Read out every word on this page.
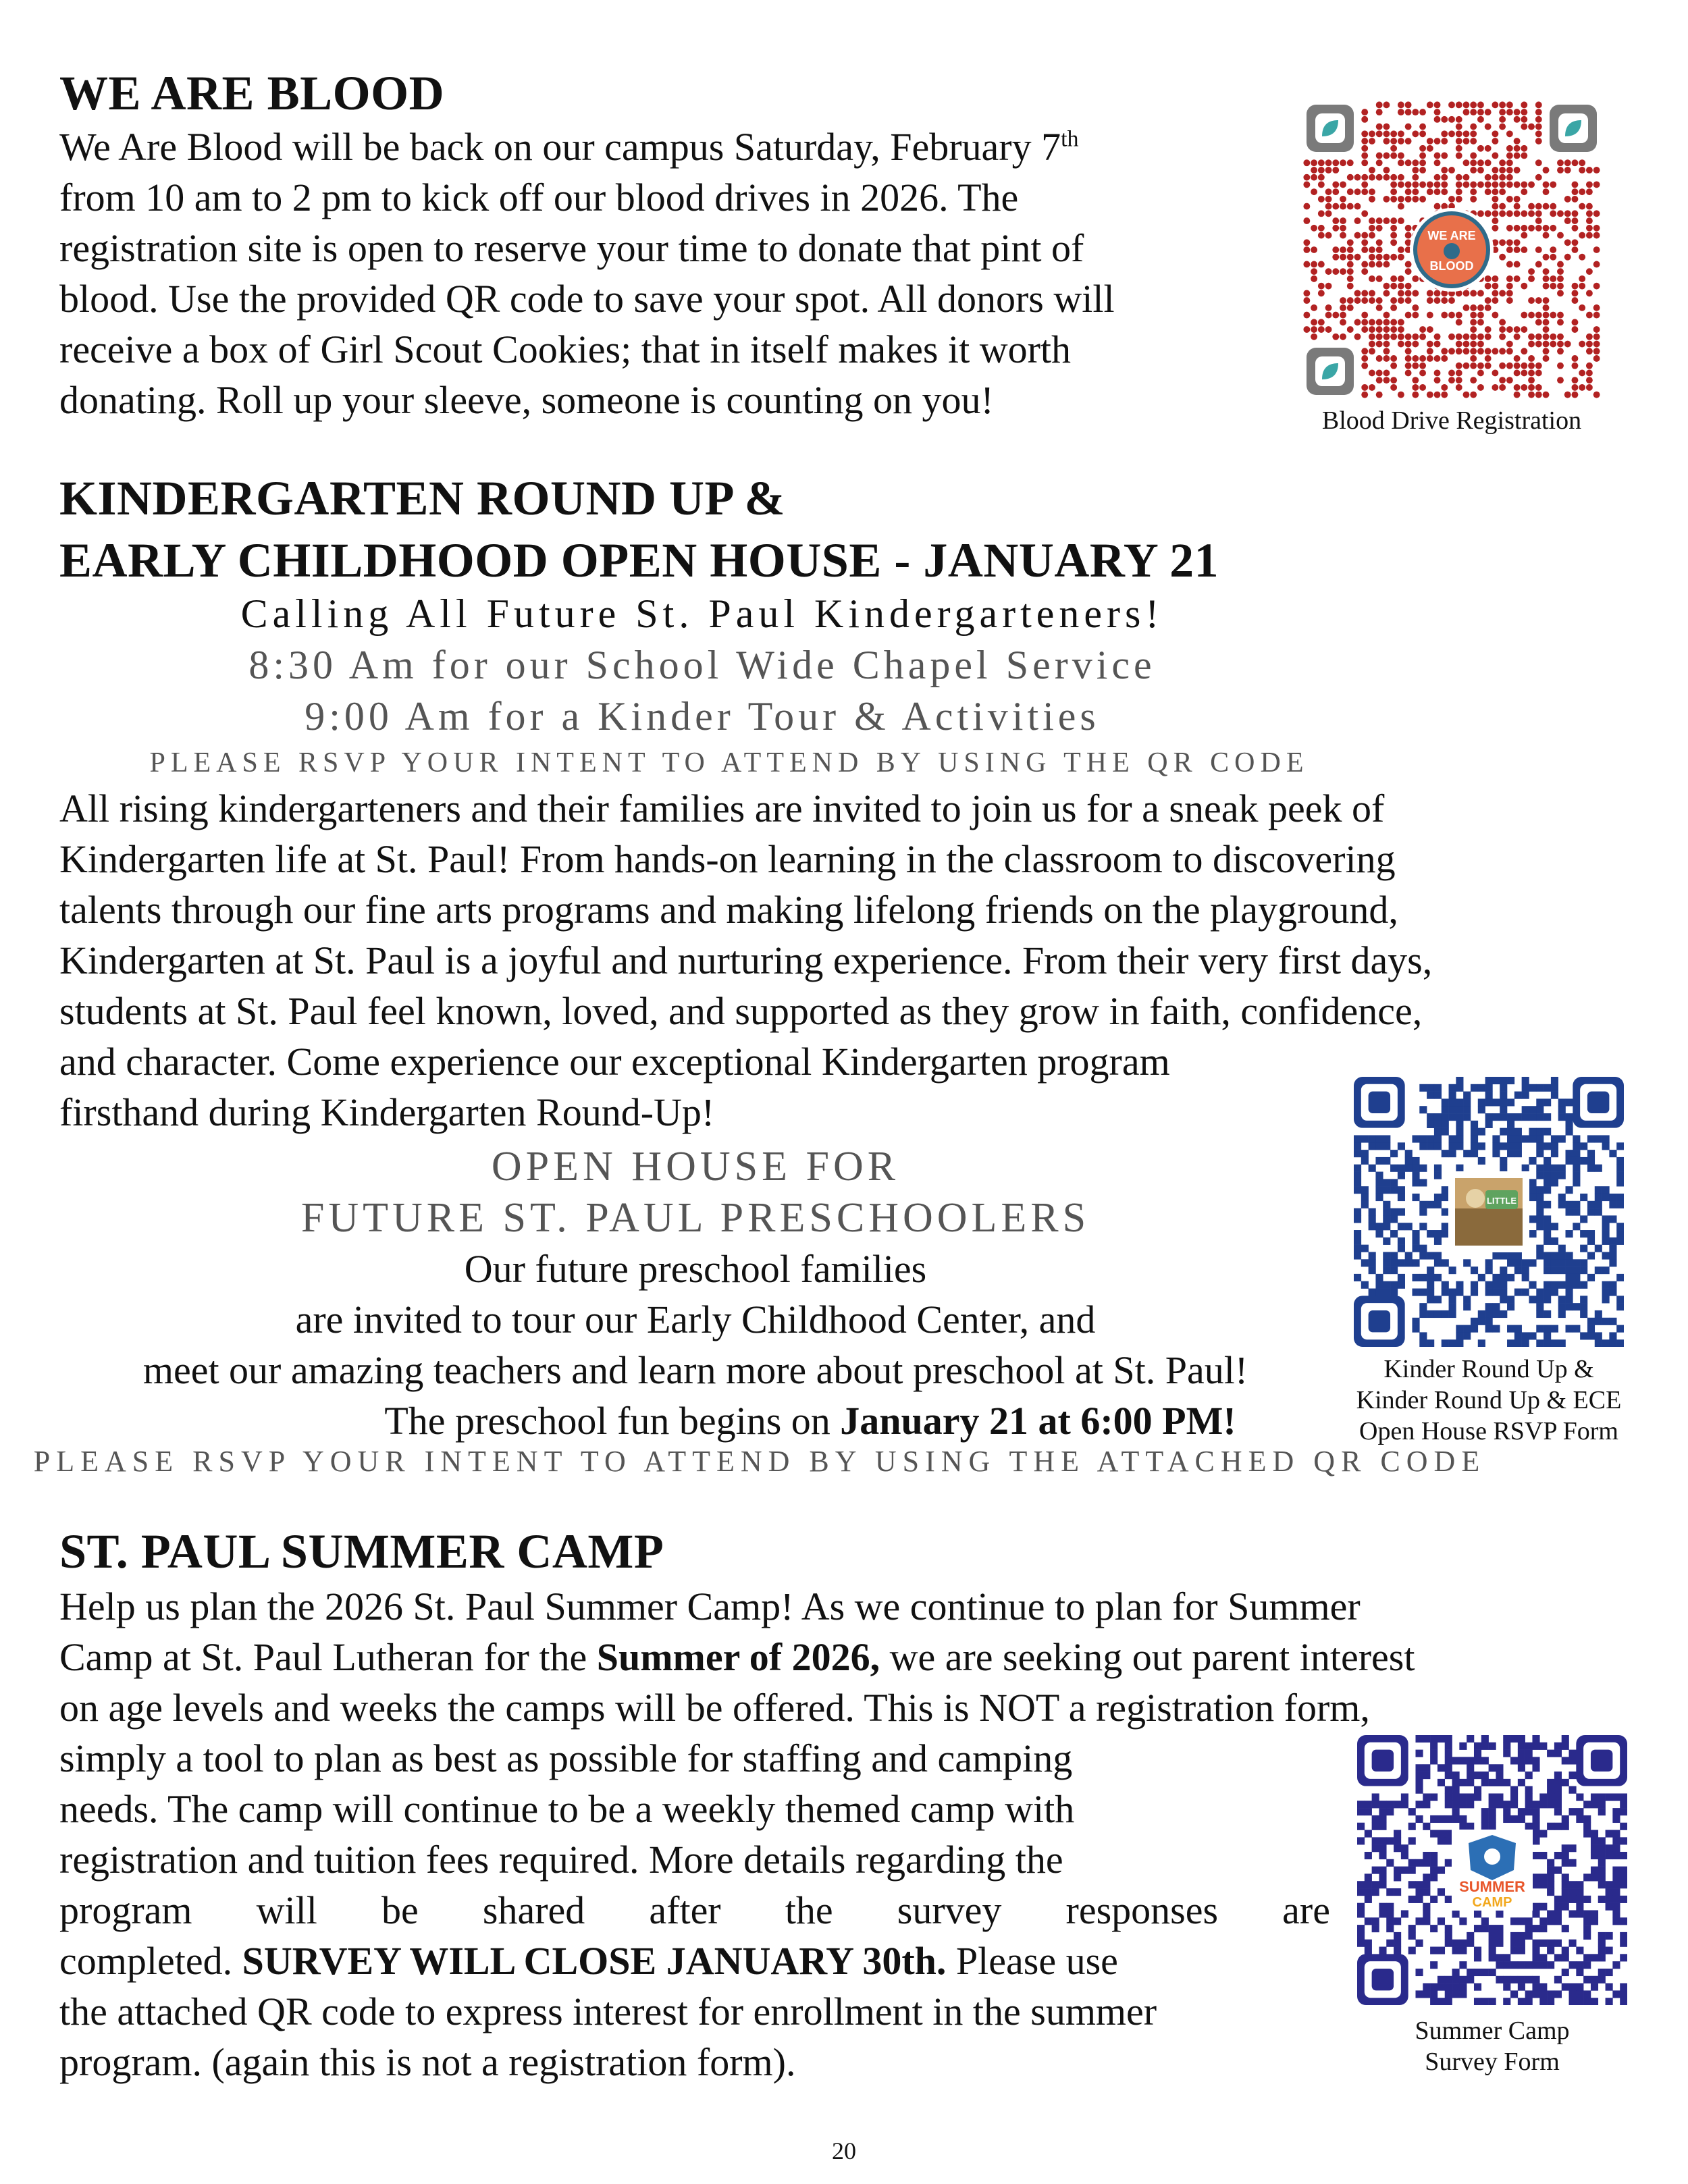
WE ARE BLOOD
We Are Blood will be back on our campus Saturday, February 7th
from 10 am to 2 pm to kick off our blood drives in 2026. The
registration site is open to reserve your time to donate that pint of
blood. Use the provided QR code to save your spot. All donors will
receive a box of Girl Scout Cookies; that in itself makes it worth
donating. Roll up your sleeve, someone is counting on you!
WE ARE
BLOOD
Blood Drive Registration
KINDERGARTEN ROUND UP &
EARLY CHILDHOOD OPEN HOUSE - JANUARY 21
Calling All Future St. Paul Kindergarteners!
8:30 Am for our School Wide Chapel Service
9:00 Am for a Kinder Tour & Activities
PLEASE RSVP YOUR INTENT TO ATTEND BY USING THE QR CODE
All rising kindergarteners and their families are invited to join us for a sneak peek of
Kindergarten life at St. Paul! From hands-on learning in the classroom to discovering
talents through our fine arts programs and making lifelong friends on the playground,
Kindergarten at St. Paul is a joyful and nurturing experience. From their very first days,
students at St. Paul feel known, loved, and supported as they grow in faith, confidence,
and character. Come experience our exceptional Kindergarten program
firsthand during Kindergarten Round-Up!
OPEN HOUSE FOR
FUTURE ST. PAUL PRESCHOOLERS
Our future preschool families
are invited to tour our Early Childhood Center, and
meet our amazing teachers and learn more about preschool at St. Paul!
The preschool fun begins on January 21 at 6:00 PM!
PLEASE RSVP YOUR INTENT TO ATTEND BY USING THE ATTACHED QR CODE
LITTLE
Kinder Round Up &
Kinder Round Up & ECE
Open House RSVP Form
ST. PAUL SUMMER CAMP
Help us plan the 2026 St. Paul Summer Camp! As we continue to plan for Summer
Camp at St. Paul Lutheran for the Summer of 2026, we are seeking out parent interest
on age levels and weeks the camps will be offered. This is NOT a registration form,
simply a tool to plan as best as possible for staffing and camping
needs. The camp will continue to be a weekly themed camp with
registration and tuition fees required. More details regarding the
program will be shared after the survey responses are
completed. SURVEY WILL CLOSE JANUARY 30th. Please use
the attached QR code to express interest for enrollment in the summer
program. (again this is not a registration form).
SUMMER
CAMP
Summer Camp
Survey Form
20
